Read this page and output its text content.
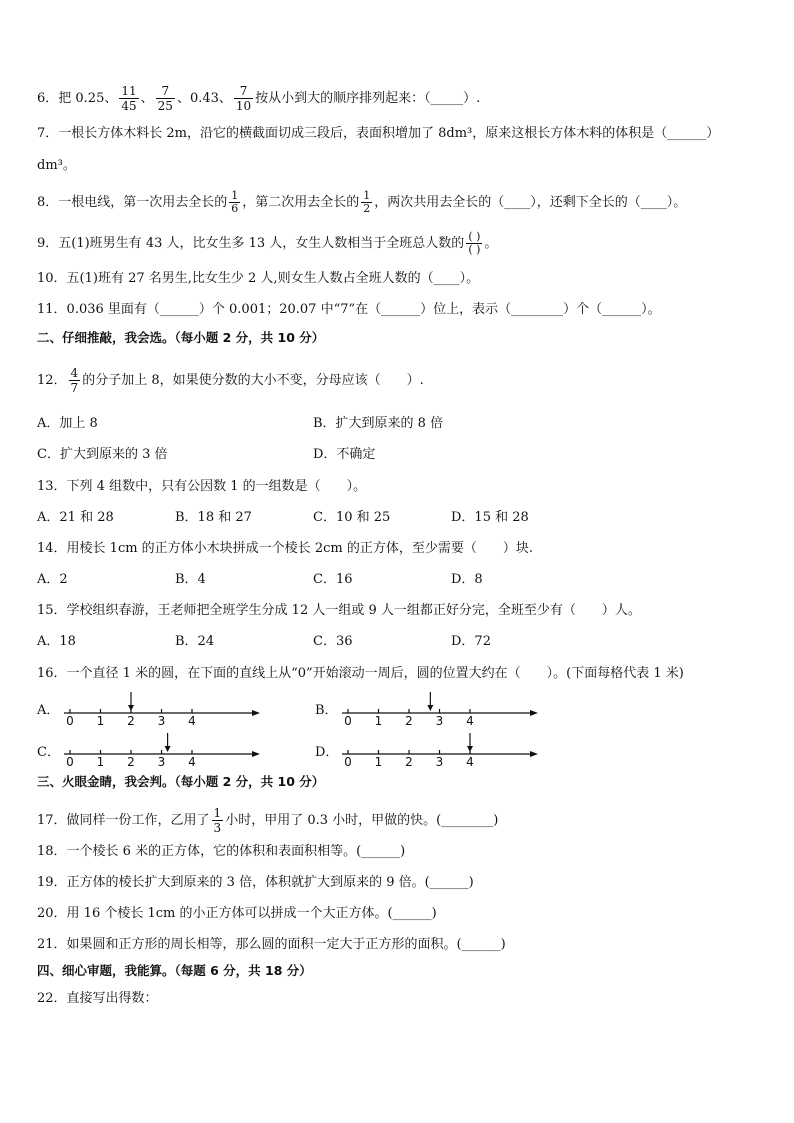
6．把 0.25、 $\frac{11}{45}$ 、 $\frac{7}{25}$ 、0.43、 $\frac{7}{10}$ 按从小到大的顺序排列起来：（_____）.
7．一根长方体木料长 2m，沿它的横截面切成三段后，表面积增加了 8dm³，原来这根长方体木料的体积是（______）
dm³。
8．一根电线，第一次用去全长的 $\frac{1}{6}$ ，第二次用去全长的 $\frac{1}{2}$ ，两次共用去全长的（____），还剩下全长的（____）。
9．五(1)班男生有 43 人，比女生多 13 人，女生人数相当于全班总人数的 $\frac{( )}{( )}$ 。
10．五(1)班有 27 名男生,比女生少 2 人,则女生人数占全班人数的（____）。
11．0.036 里面有（______）个 0.001；20.07 中“7”在（______）位上，表示（________）个（______）。
二、仔细推敲，我会选。（每小题 2 分，共 10 分）
12． $\frac{4}{7}$ 的分子加上 8，如果使分数的大小不变，分母应该（　　）.
A．加上 8	B．扩大到原来的 8 倍
C．扩大到原来的 3 倍	D．不确定
13．下列 4 组数中，只有公因数 1 的一组数是（　　）。
A．21 和 28	B．18 和 27	C．10 和 25	D．15 和 28
14．用棱长 1cm 的正方体小木块拼成一个棱长 2cm 的正方体，至少需要（　　）块.
A．2	B．4	C．16	D．8
15．学校组织春游，王老师把全班学生分成 12 人一组或 9 人一组都正好分完，全班至少有（　　）人。
A．18	B．24	C．36	D．72
16．一个直径 1 米的圆，在下面的直线上从“0”开始滚动一周后，圆的位置大约在（　　）。(下面每格代表 1 米)
A．
0 1 2 3 4
B．
0 1 2 3 4
C．
0 1 2 3 4
D．
0 1 2 3 4
三、火眼金睛，我会判。（每小题 2 分，共 10 分）
17．做同样一份工作，乙用了 $\frac{1}{3}$ 小时，甲用了 0.3 小时，甲做的快。(________)
18．一个棱长 6 米的正方体，它的体积和表面积相等。(______)
19．正方体的棱长扩大到原来的 3 倍，体积就扩大到原来的 9 倍。(______)
20．用 16 个棱长 1cm 的小正方体可以拼成一个大正方体。(______)
21．如果圆和正方形的周长相等，那么圆的面积一定大于正方形的面积。(______)
四、细心审题，我能算。（每题 6 分，共 18 分）
22．直接写出得数：
